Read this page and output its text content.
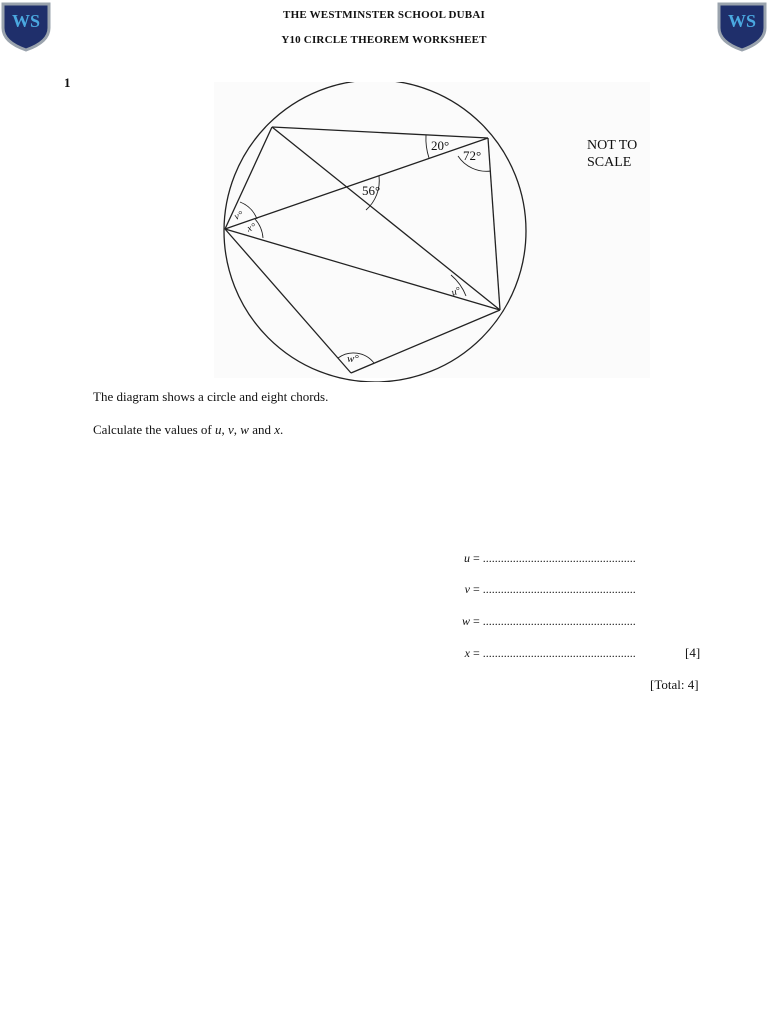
WS	WS
THE WESTMINSTER SCHOOL DUBAI
Y10 CIRCLE THEOREM WORKSHEET
1
20°
72°
56°
v°
x°
u°
w°
NOT TO
SCALE
The diagram shows a circle and eight chords.
Calculate the values of u, v, w and x.
u = ...................................................
v = ...................................................
w = ...................................................
x = ...................................................	[4]
[Total: 4]
